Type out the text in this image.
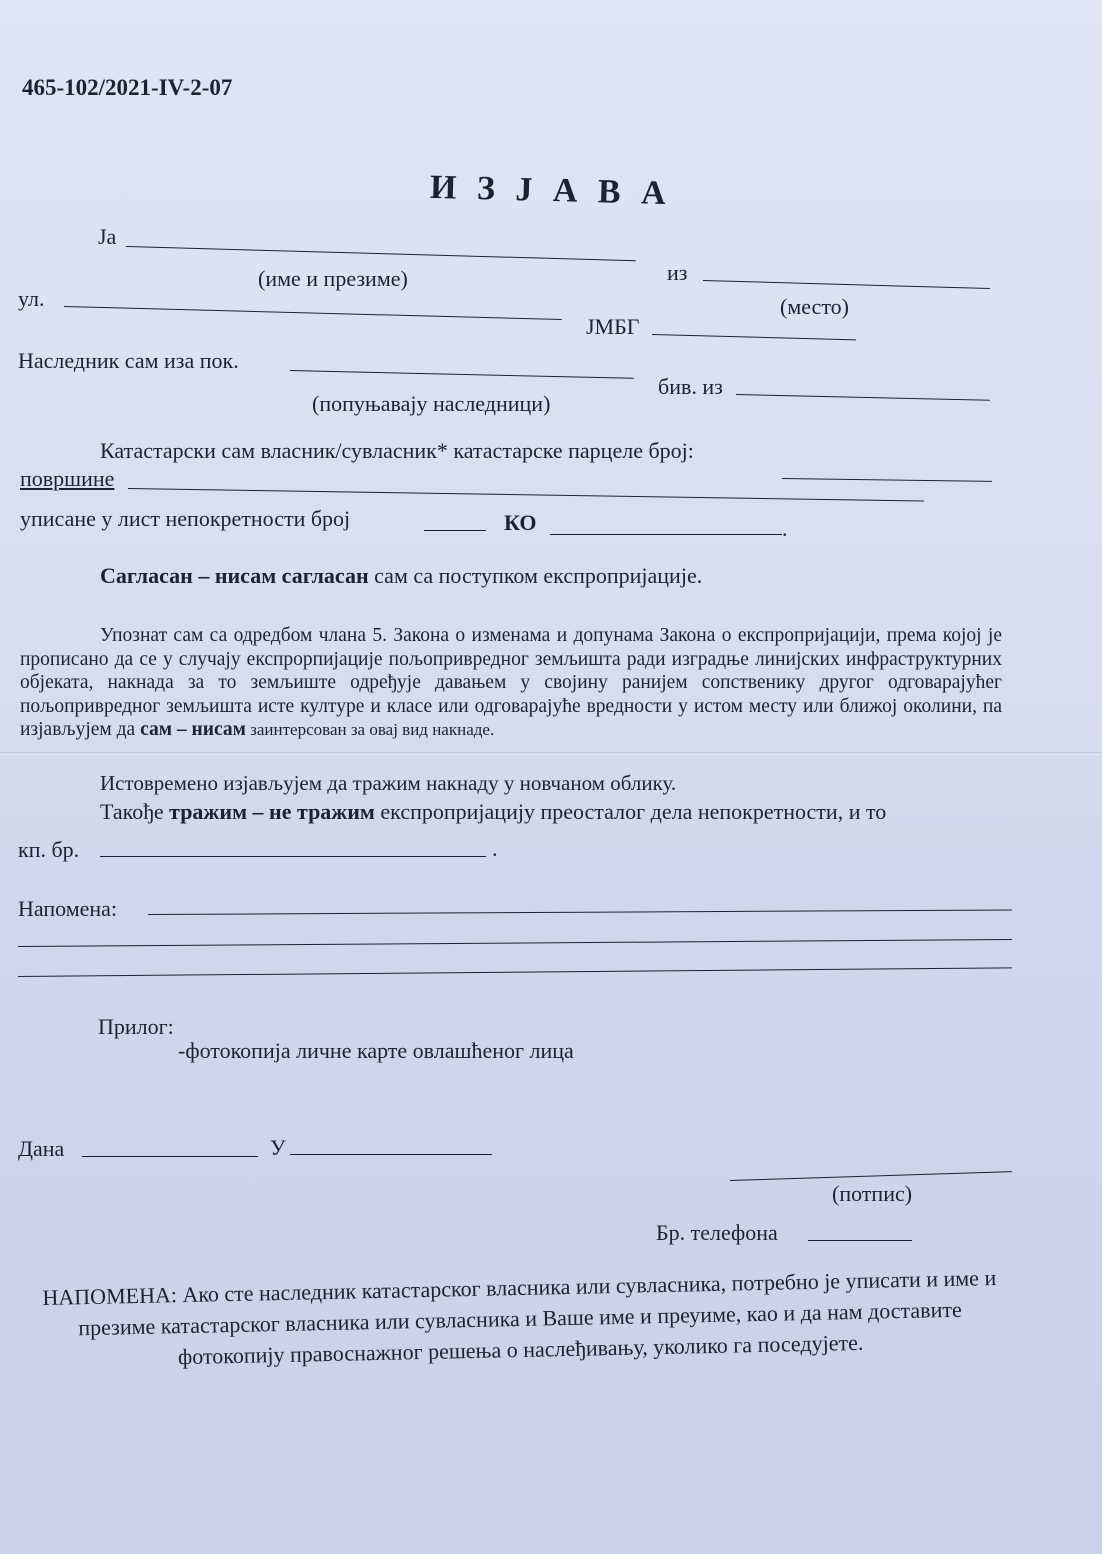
465-102/2021-IV-2-07
И З Ј А В А
Ја
(име и презиме)	из
(место)
ул.
ЈМБГ
Наследник сам иза пок.
(попуњавају наследници)
бив. из
Катастарски сам власник/сувласник* катастарске парцеле број:
површине
уписане у лист непокретности број	КО	.
Сагласан – нисам сагласан сам са поступком експропријације.
Упознат сам са одредбом члана 5. Закона о изменама и допунама Закона о експропријацији, према којој је прописано да се у случају експрорпијације пољопривредног земљишта ради изградње линијских инфраструктурних објеката, накнада за то земљиште одређује давањем у својину ранијем сопственику другог одговарајућег пољопривредног земљишта исте културе и класе или одговарајуће вредности у истом месту или ближој околини, па изјављујем да сам – нисам заинтерсован за овај вид накнаде.
Истовремено изјављујем да тражим накнаду у новчаном облику.
Такође тражим – не тражим експропријацију преосталог дела непокретности, и то
кп. бр.	.
Напомена:
Прилог:
-фотокопија личне карте овлашћеног лица
Дана	У
(потпис)
Бр. телефона
НАПОМЕНА: Ако сте наследник катастарског власника или сувласника, потребно је уписати и име и презиме катастарског власника или сувласника и Ваше име и преуиме, као и да нам доставите фотокопију правоснажног решења о наслеђивању, уколико га поседујете.
